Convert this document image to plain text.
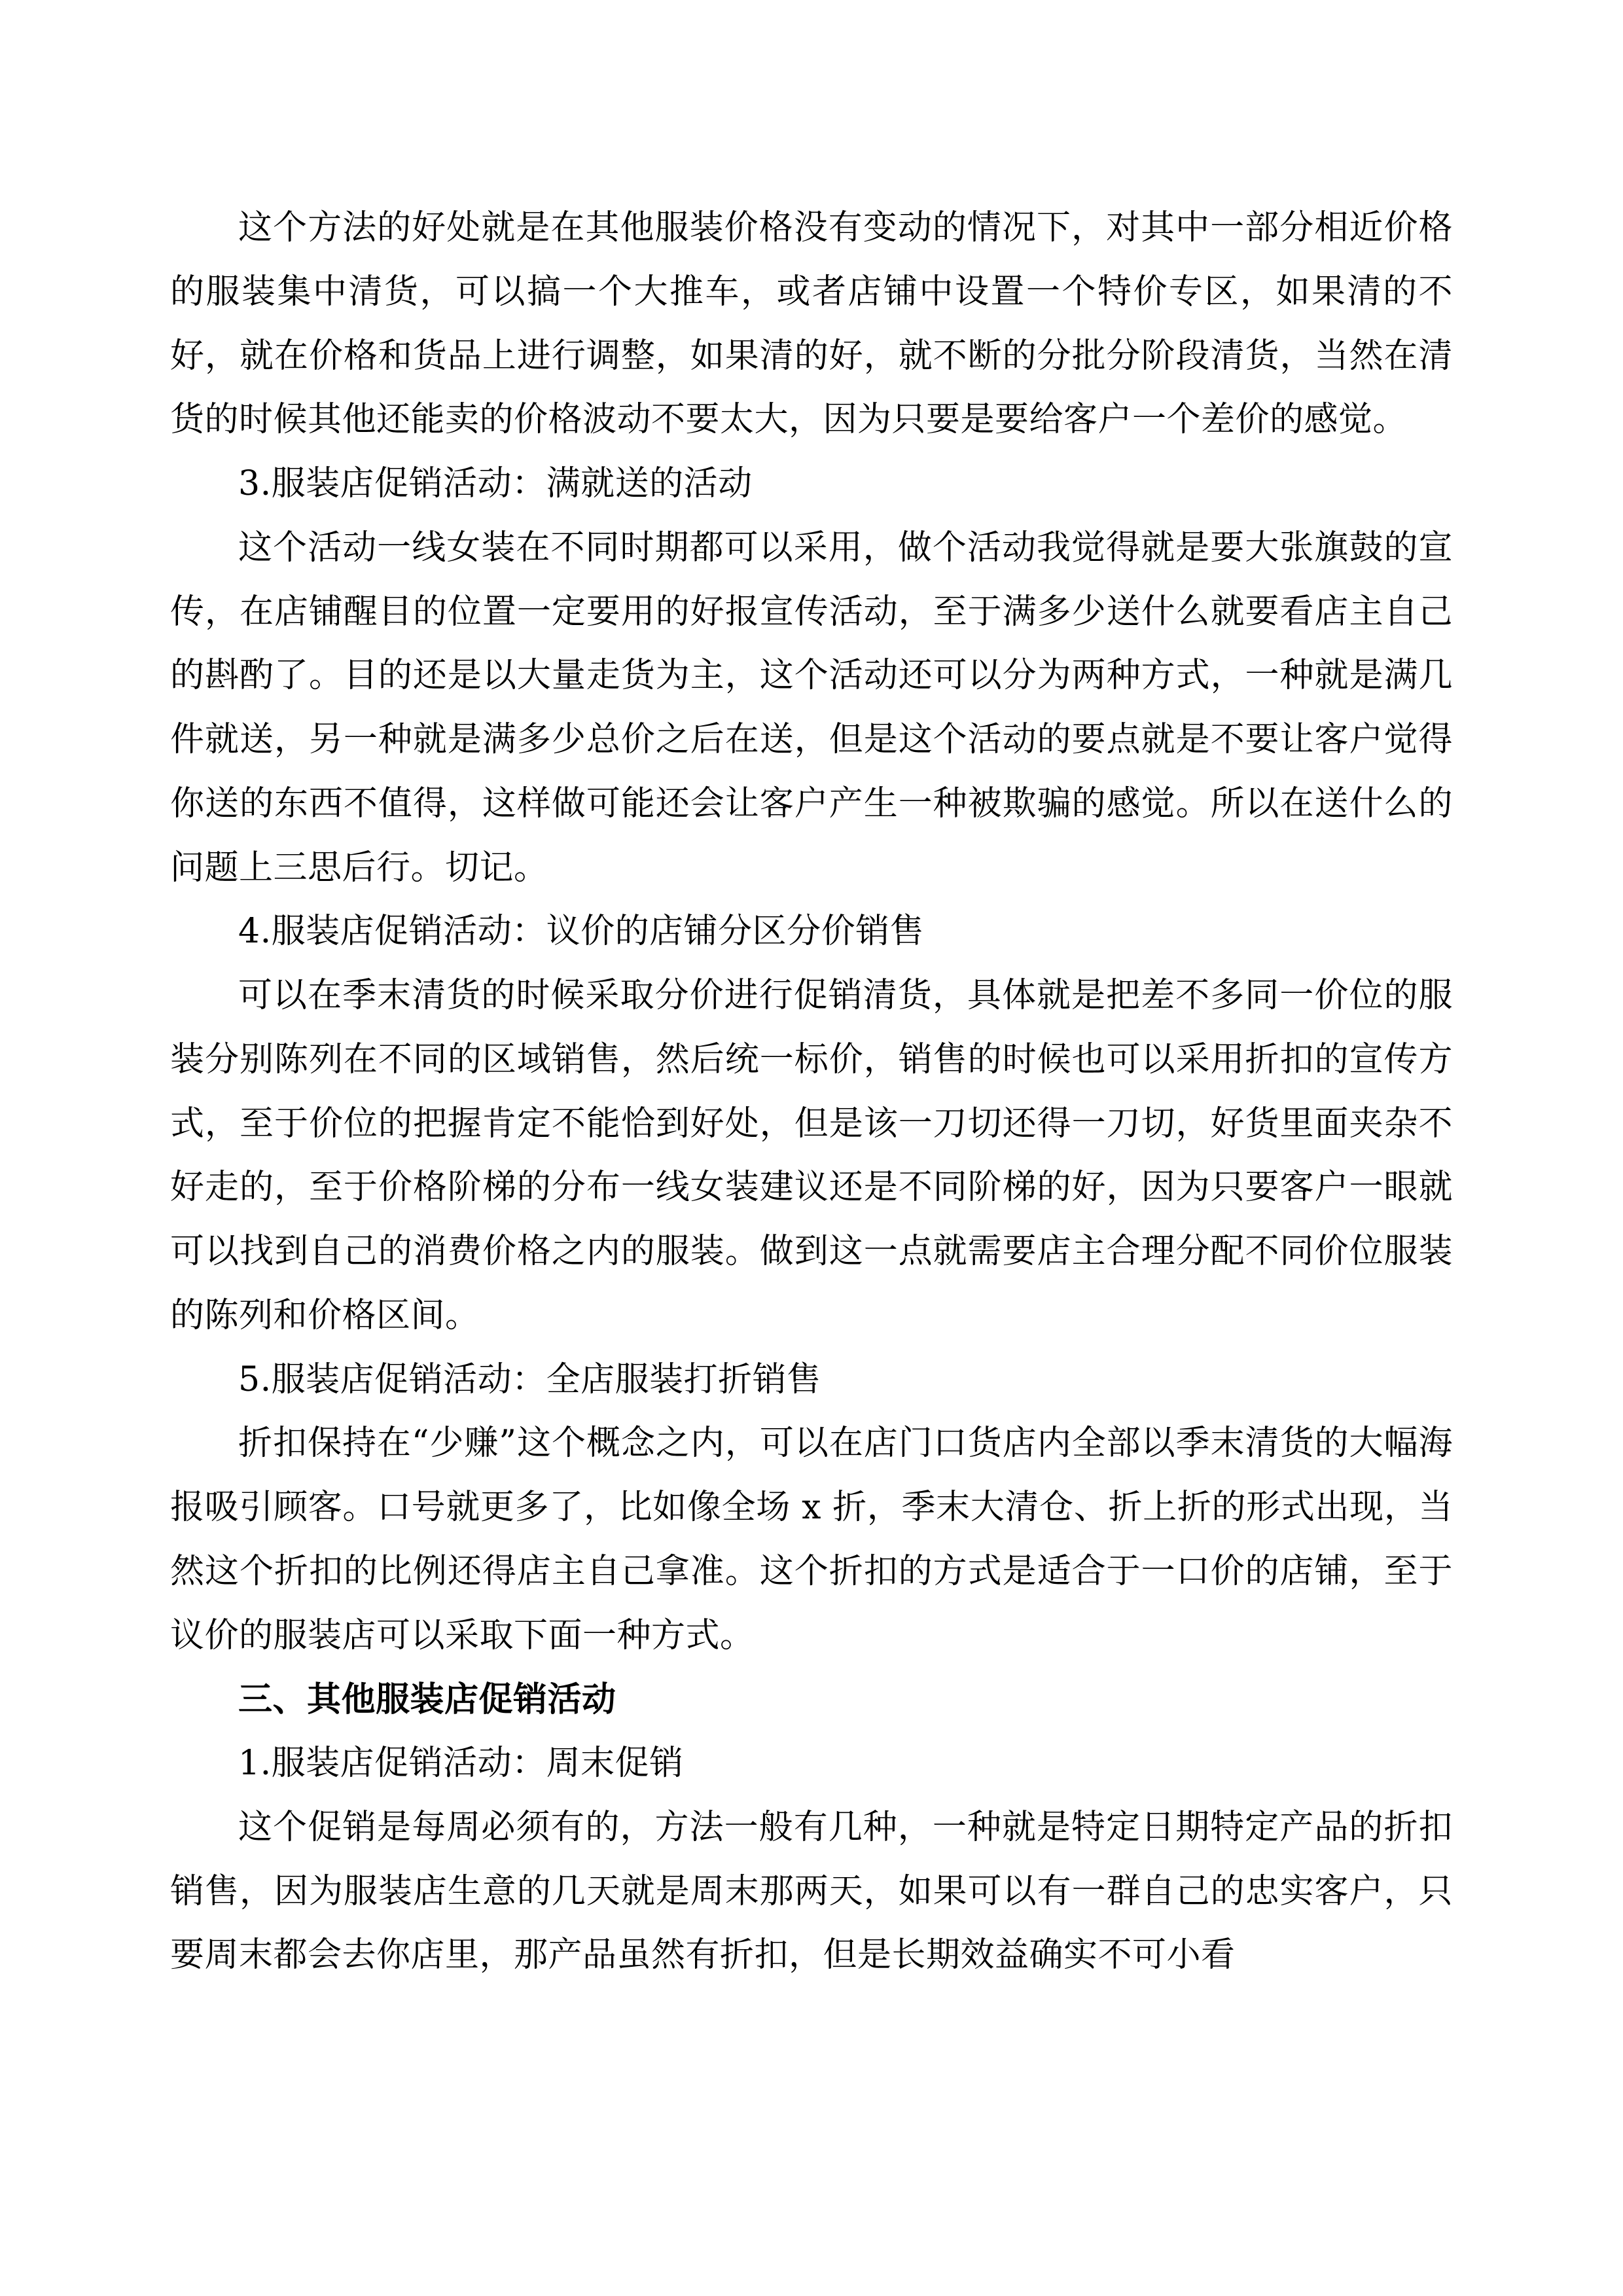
这个方法的好处就是在其他服装价格没有变动的情况下，对其中一部分相近价格的服装集中清货，可以搞一个大推车，或者店铺中设置一个特价专区，如果清的不好，就在价格和货品上进行调整，如果清的好，就不断的分批分阶段清货，当然在清货的时候其他还能卖的价格波动不要太大，因为只要是要给客户一个差价的感觉。

3.服装店促销活动：满就送的活动

这个活动一线女装在不同时期都可以采用，做个活动我觉得就是要大张旗鼓的宣传，在店铺醒目的位置一定要用的好报宣传活动，至于满多少送什么就要看店主自己的斟酌了。目的还是以大量走货为主，这个活动还可以分为两种方式，一种就是满几件就送，另一种就是满多少总价之后在送，但是这个活动的要点就是不要让客户觉得你送的东西不值得，这样做可能还会让客户产生一种被欺骗的感觉。所以在送什么的问题上三思后行。切记。

4.服装店促销活动：议价的店铺分区分价销售

可以在季末清货的时候采取分价进行促销清货，具体就是把差不多同一价位的服装分别陈列在不同的区域销售，然后统一标价，销售的时候也可以采用折扣的宣传方式，至于价位的把握肯定不能恰到好处，但是该一刀切还得一刀切，好货里面夹杂不好走的，至于价格阶梯的分布一线女装建议还是不同阶梯的好，因为只要客户一眼就可以找到自己的消费价格之内的服装。做到这一点就需要店主合理分配不同价位服装的陈列和价格区间。

5.服装店促销活动：全店服装打折销售

折扣保持在“少赚”这个概念之内，可以在店门口货店内全部以季末清货的大幅海报吸引顾客。口号就更多了，比如像全场 x 折，季末大清仓、折上折的形式出现，当然这个折扣的比例还得店主自己拿准。这个折扣的方式是适合于一口价的店铺，至于议价的服装店可以采取下面一种方式。

三、其他服装店促销活动

1.服装店促销活动：周末促销

这个促销是每周必须有的，方法一般有几种，一种就是特定日期特定产品的折扣销售，因为服装店生意的几天就是周末那两天，如果可以有一群自己的忠实客户，只要周末都会去你店里，那产品虽然有折扣，但是长期效益确实不可小看
